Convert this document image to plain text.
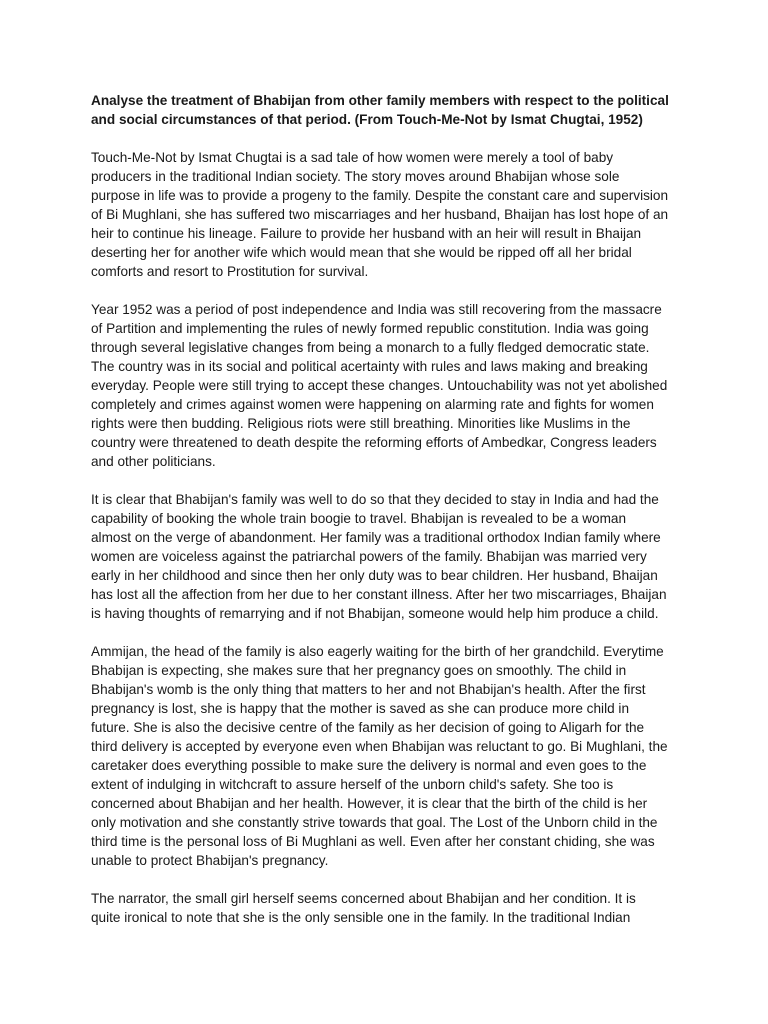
Analyse the treatment of Bhabijan from other family members with respect to the political
and social circumstances of that period. (From Touch-Me-Not by Ismat Chugtai, 1952)
Touch-Me-Not by Ismat Chugtai is a sad tale of how women were merely a tool of baby
producers in the traditional Indian society. The story moves around Bhabijan whose sole
purpose in life was to provide a progeny to the family. Despite the constant care and supervision
of Bi Mughlani, she has suffered two miscarriages and her husband, Bhaijan has lost hope of an
heir to continue his lineage. Failure to provide her husband with an heir will result in Bhaijan
deserting her for another wife which would mean that she would be ripped off all her bridal
comforts and resort to Prostitution for survival.
Year 1952 was a period of post independence and India was still recovering from the massacre
of Partition and implementing the rules of newly formed republic constitution. India was going
through several legislative changes from being a monarch to a fully fledged democratic state.
The country was in its social and political acertainty with rules and laws making and breaking
everyday. People were still trying to accept these changes. Untouchability was not yet abolished
completely and crimes against women were happening on alarming rate and fights for women
rights were then budding. Religious riots were still breathing. Minorities like Muslims in the
country were threatened to death despite the reforming efforts of Ambedkar, Congress leaders
and other politicians.
It is clear that Bhabijan's family was well to do so that they decided to stay in India and had the
capability of booking the whole train boogie to travel. Bhabijan is revealed to be a woman
almost on the verge of abandonment. Her family was a traditional orthodox Indian family where
women are voiceless against the patriarchal powers of the family. Bhabijan was married very
early in her childhood and since then her only duty was to bear children. Her husband, Bhaijan
has lost all the affection from her due to her constant illness. After her two miscarriages, Bhaijan
is having thoughts of remarrying and if not Bhabijan, someone would help him produce a child.
Ammijan, the head of the family is also eagerly waiting for the birth of her grandchild. Everytime
Bhabijan is expecting, she makes sure that her pregnancy goes on smoothly. The child in
Bhabijan's womb is the only thing that matters to her and not Bhabijan's health. After the first
pregnancy is lost, she is happy that the mother is saved as she can produce more child in
future. She is also the decisive centre of the family as her decision of going to Aligarh for the
third delivery is accepted by everyone even when Bhabijan was reluctant to go. Bi Mughlani, the
caretaker does everything possible to make sure the delivery is normal and even goes to the
extent of indulging in witchcraft to assure herself of the unborn child's safety. She too is
concerned about Bhabijan and her health. However, it is clear that the birth of the child is her
only motivation and she constantly strive towards that goal. The Lost of the Unborn child in the
third time is the personal loss of Bi Mughlani as well. Even after her constant chiding, she was
unable to protect Bhabijan's pregnancy.
The narrator, the small girl herself seems concerned about Bhabijan and her condition. It is
quite ironical to note that she is the only sensible one in the family. In the traditional Indian
